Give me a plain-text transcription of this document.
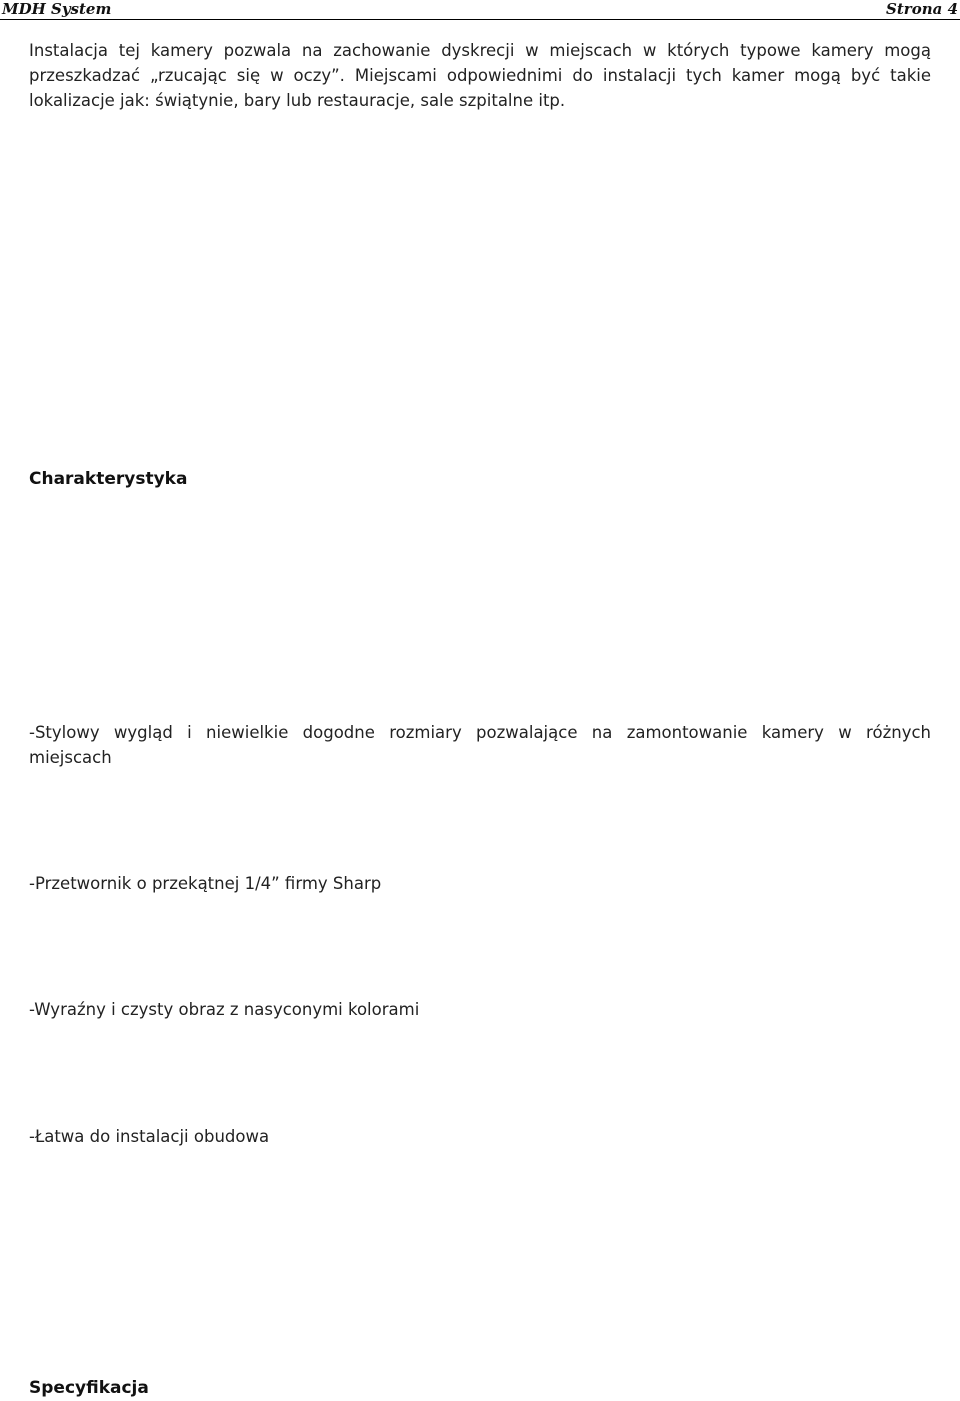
MDH System	Strona 4
Instalacja tej kamery pozwala na zachowanie dyskrecji w miejscach w których typowe kamery mogą
przeszkadzać „rzucając się w oczy”. Miejscami odpowiednimi do instalacji tych kamer mogą być takie
lokalizacje jak: świątynie, bary lub restauracje, sale szpitalne itp.
Charakterystyka
-Stylowy wygląd i niewielkie dogodne rozmiary pozwalające na zamontowanie kamery w różnych
miejscach
-Przetwornik o przekątnej 1/4” firmy Sharp
-Wyraźny i czysty obraz z nasyconymi kolorami
-Łatwa do instalacji obudowa
Specyfikacja
